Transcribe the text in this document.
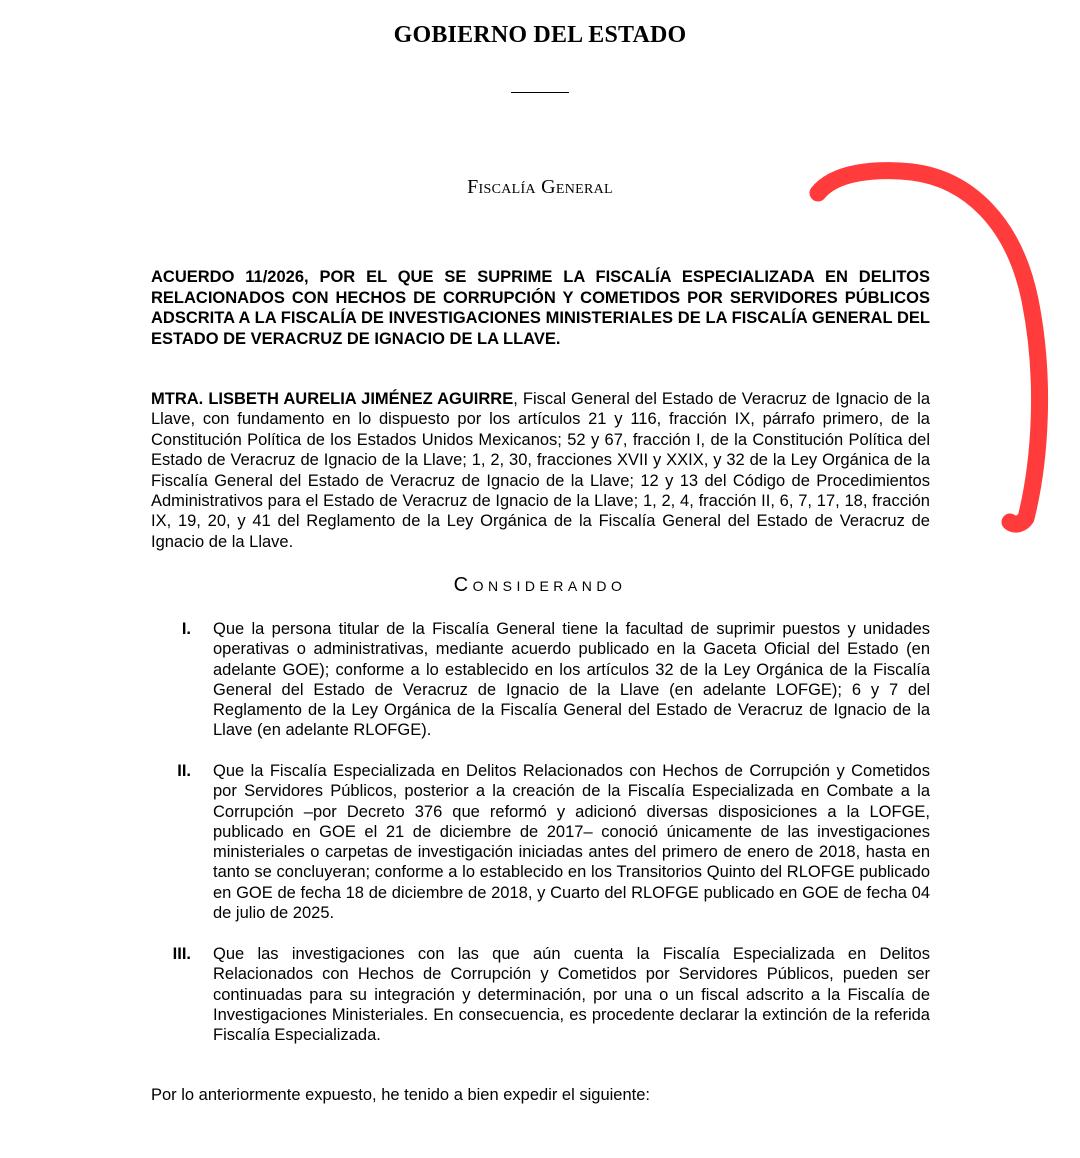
GOBIERNO DEL ESTADO
Fiscalía General
ACUERDO 11/2026, POR EL QUE SE SUPRIME LA FISCALÍA ESPECIALIZADA EN DELITOS RELACIONADOS CON HECHOS DE CORRUPCIÓN Y COMETIDOS POR SERVIDORES PÚBLICOS ADSCRITA A LA FISCALÍA DE INVESTIGACIONES MINISTERIALES DE LA FISCALÍA GENERAL DEL ESTADO DE VERACRUZ DE IGNACIO DE LA LLAVE.
MTRA. LISBETH AURELIA JIMÉNEZ AGUIRRE, Fiscal General del Estado de Veracruz de Ignacio de la Llave, con fundamento en lo dispuesto por los artículos 21 y 116, fracción IX, párrafo primero, de la Constitución Política de los Estados Unidos Mexicanos; 52 y 67, fracción I, de la Constitución Política del Estado de Veracruz de Ignacio de la Llave; 1, 2, 30, fracciones XVII y XXIX, y 32 de la Ley Orgánica de la Fiscalía General del Estado de Veracruz de Ignacio de la Llave; 12 y 13 del Código de Procedimientos Administrativos para el Estado de Veracruz de Ignacio de la Llave; 1, 2, 4, fracción II, 6, 7, 17, 18, fracción IX, 19, 20, y 41 del Reglamento de la Ley Orgánica de la Fiscalía General del Estado de Veracruz de Ignacio de la Llave.
Considerando
I. Que la persona titular de la Fiscalía General tiene la facultad de suprimir puestos y unidades operativas o administrativas, mediante acuerdo publicado en la Gaceta Oficial del Estado (en adelante GOE); conforme a lo establecido en los artículos 32 de la Ley Orgánica de la Fiscalía General del Estado de Veracruz de Ignacio de la Llave (en adelante LOFGE); 6 y 7 del Reglamento de la Ley Orgánica de la Fiscalía General del Estado de Veracruz de Ignacio de la Llave (en adelante RLOFGE).
II. Que la Fiscalía Especializada en Delitos Relacionados con Hechos de Corrupción y Cometidos por Servidores Públicos, posterior a la creación de la Fiscalía Especializada en Combate a la Corrupción –por Decreto 376 que reformó y adicionó diversas disposiciones a la LOFGE, publicado en GOE el 21 de diciembre de 2017– conoció únicamente de las investigaciones ministeriales o carpetas de investigación iniciadas antes del primero de enero de 2018, hasta en tanto se concluyeran; conforme a lo establecido en los Transitorios Quinto del RLOFGE publicado en GOE de fecha 18 de diciembre de 2018, y Cuarto del RLOFGE publicado en GOE de fecha 04 de julio de 2025.
III. Que las investigaciones con las que aún cuenta la Fiscalía Especializada en Delitos Relacionados con Hechos de Corrupción y Cometidos por Servidores Públicos, pueden ser continuadas para su integración y determinación, por una o un fiscal adscrito a la Fiscalía de Investigaciones Ministeriales. En consecuencia, es procedente declarar la extinción de la referida Fiscalía Especializada.
Por lo anteriormente expuesto, he tenido a bien expedir el siguiente:
